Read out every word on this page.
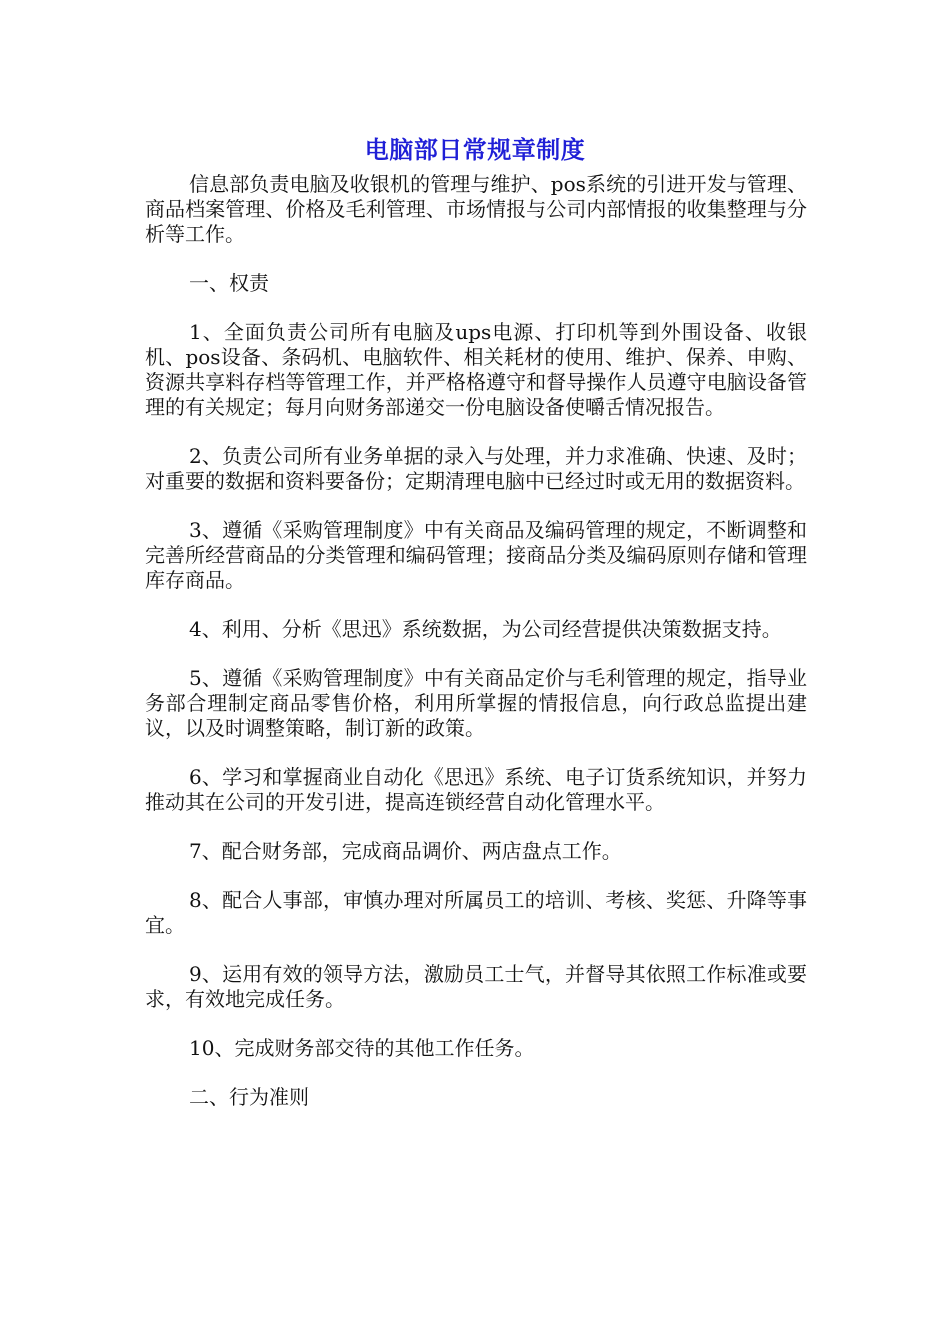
电脑部日常规章制度

信息部负责电脑及收银机的管理与维护、pos系统的引进开发与管理、商品档案管理、价格及毛利管理、市场情报与公司内部情报的收集整理与分析等工作。

一、权责

1、全面负责公司所有电脑及ups电源、打印机等到外围设备、收银机、pos设备、条码机、电脑软件、相关耗材的使用、维护、保养、申购、资源共享料存档等管理工作，并严格格遵守和督导操作人员遵守电脑设备管理的有关规定；每月向财务部递交一份电脑设备使嚼舌情况报告。

2、负责公司所有业务单据的录入与处理，并力求准确、快速、及时；对重要的数据和资料要备份；定期清理电脑中已经过时或无用的数据资料。

3、遵循《采购管理制度》中有关商品及编码管理的规定，不断调整和完善所经营商品的分类管理和编码管理；接商品分类及编码原则存储和管理库存商品。

4、利用、分析《思迅》系统数据，为公司经营提供决策数据支持。

5、遵循《采购管理制度》中有关商品定价与毛利管理的规定，指导业务部合理制定商品零售价格，利用所掌握的情报信息，向行政总监提出建议，以及时调整策略，制订新的政策。

6、学习和掌握商业自动化《思迅》系统、电子订货系统知识，并努力推动其在公司的开发引进，提高连锁经营自动化管理水平。

7、配合财务部，完成商品调价、两店盘点工作。

8、配合人事部，审慎办理对所属员工的培训、考核、奖惩、升降等事宜。

9、运用有效的领导方法，激励员工士气，并督导其依照工作标准或要求，有效地完成任务。

10、完成财务部交待的其他工作任务。

二、行为准则
